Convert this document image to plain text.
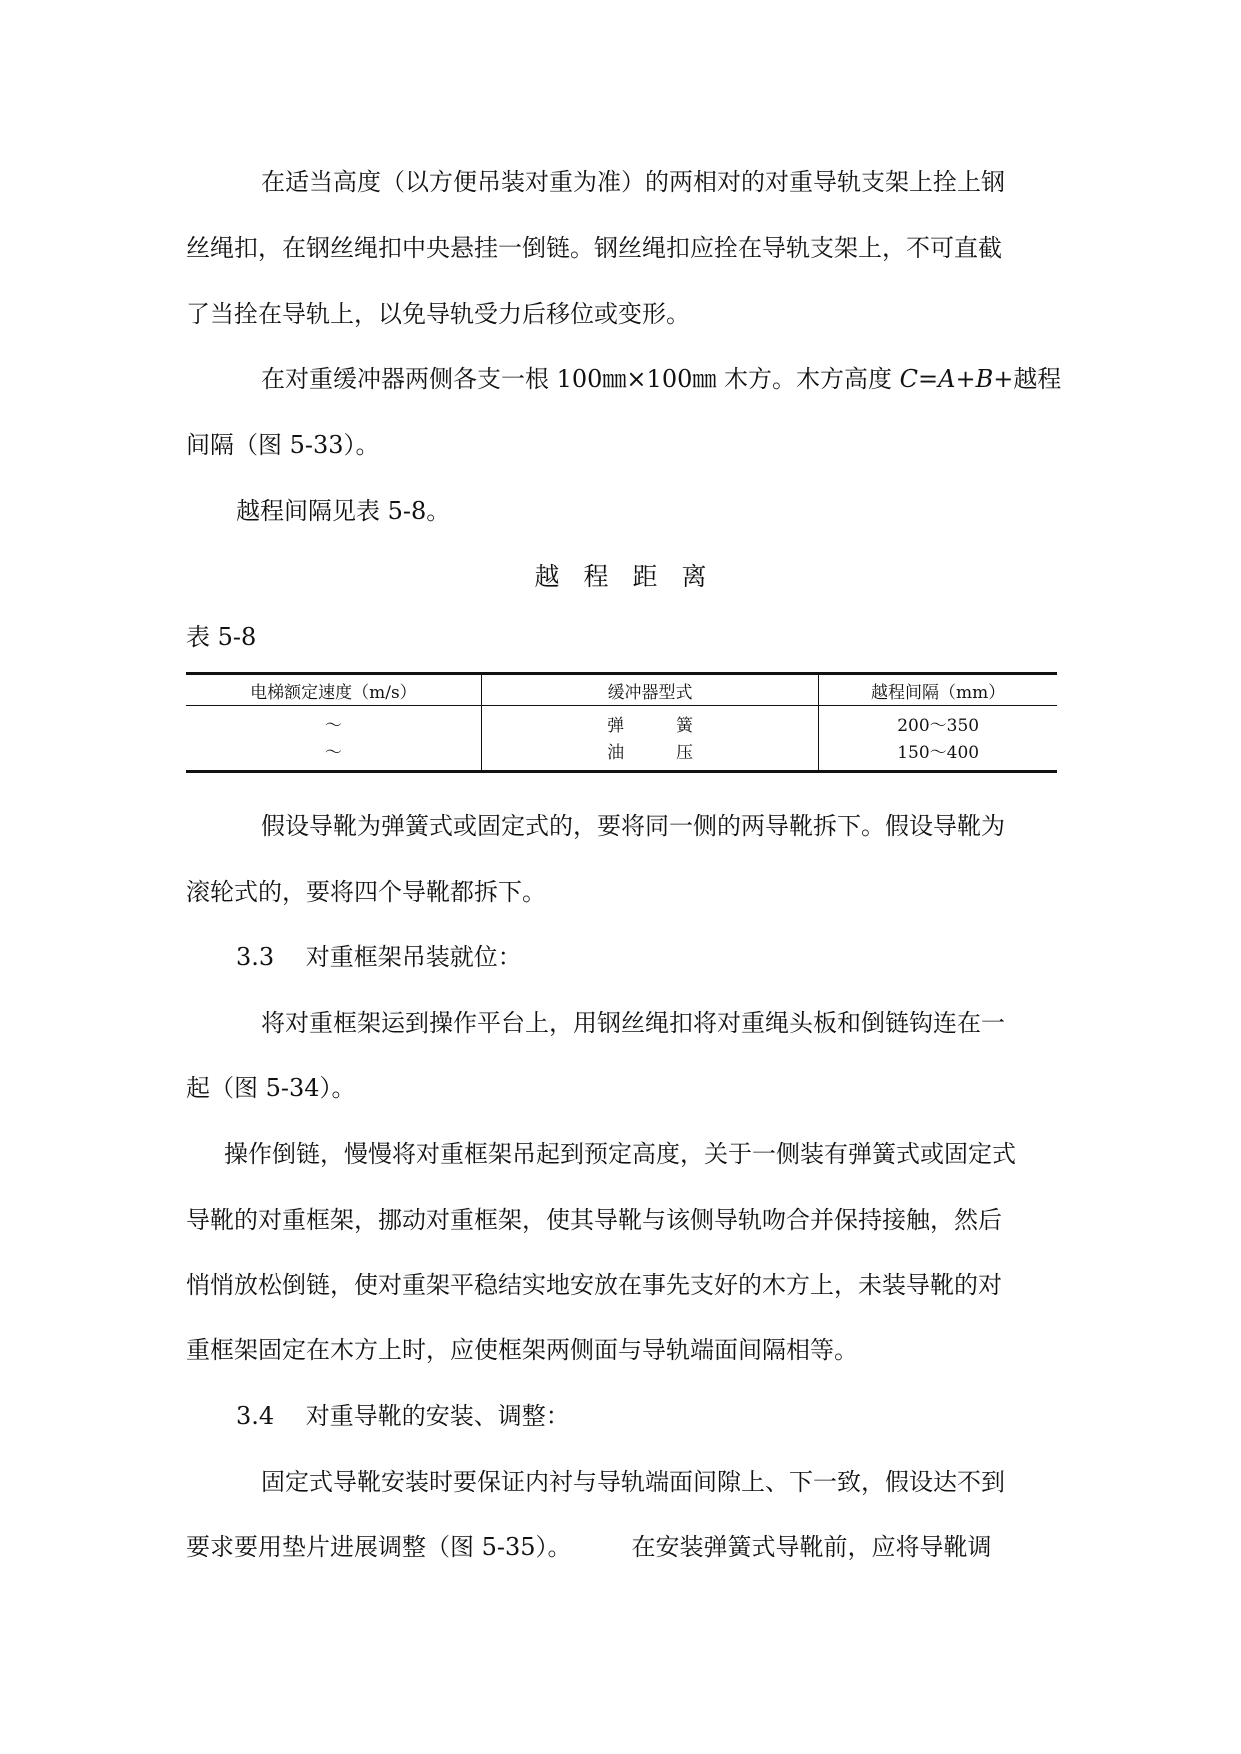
在适当高度（以方便吊装对重为准）的两相对的对重导轨支架上拴上钢
丝绳扣，在钢丝绳扣中央悬挂一倒链。钢丝绳扣应拴在导轨支架上，不可直截
了当拴在导轨上，以免导轨受力后移位或变形。
在对重缓冲器两侧各支一根 100㎜×100㎜ 木方。木方高度 C=A+B+越程
间隔（图 5-33）。
越程间隔见表 5-8。
越程距离
表 5-8
电梯额定速度（m/s）	缓冲器型式	越程间隔（mm）
～	弹簧	200～350
～	油压	150～400
假设导靴为弹簧式或固定式的，要将同一侧的两导靴拆下。假设导靴为
滚轮式的，要将四个导靴都拆下。
3.3　 对重框架吊装就位：
将对重框架运到操作平台上，用钢丝绳扣将对重绳头板和倒链钩连在一
起（图 5-34）。
操作倒链，慢慢将对重框架吊起到预定高度，关于一侧装有弹簧式或固定式
导靴的对重框架，挪动对重框架，使其导靴与该侧导轨吻合并保持接触，然后
悄悄放松倒链，使对重架平稳结实地安放在事先支好的木方上，未装导靴的对
重框架固定在木方上时，应使框架两侧面与导轨端面间隔相等。
3.4　 对重导靴的安装、调整：
固定式导靴安装时要保证内衬与导轨端面间隙上、下一致，假设达不到
要求要用垫片进展调整（图 5-35）。　　　在安装弹簧式导靴前，应将导靴调
